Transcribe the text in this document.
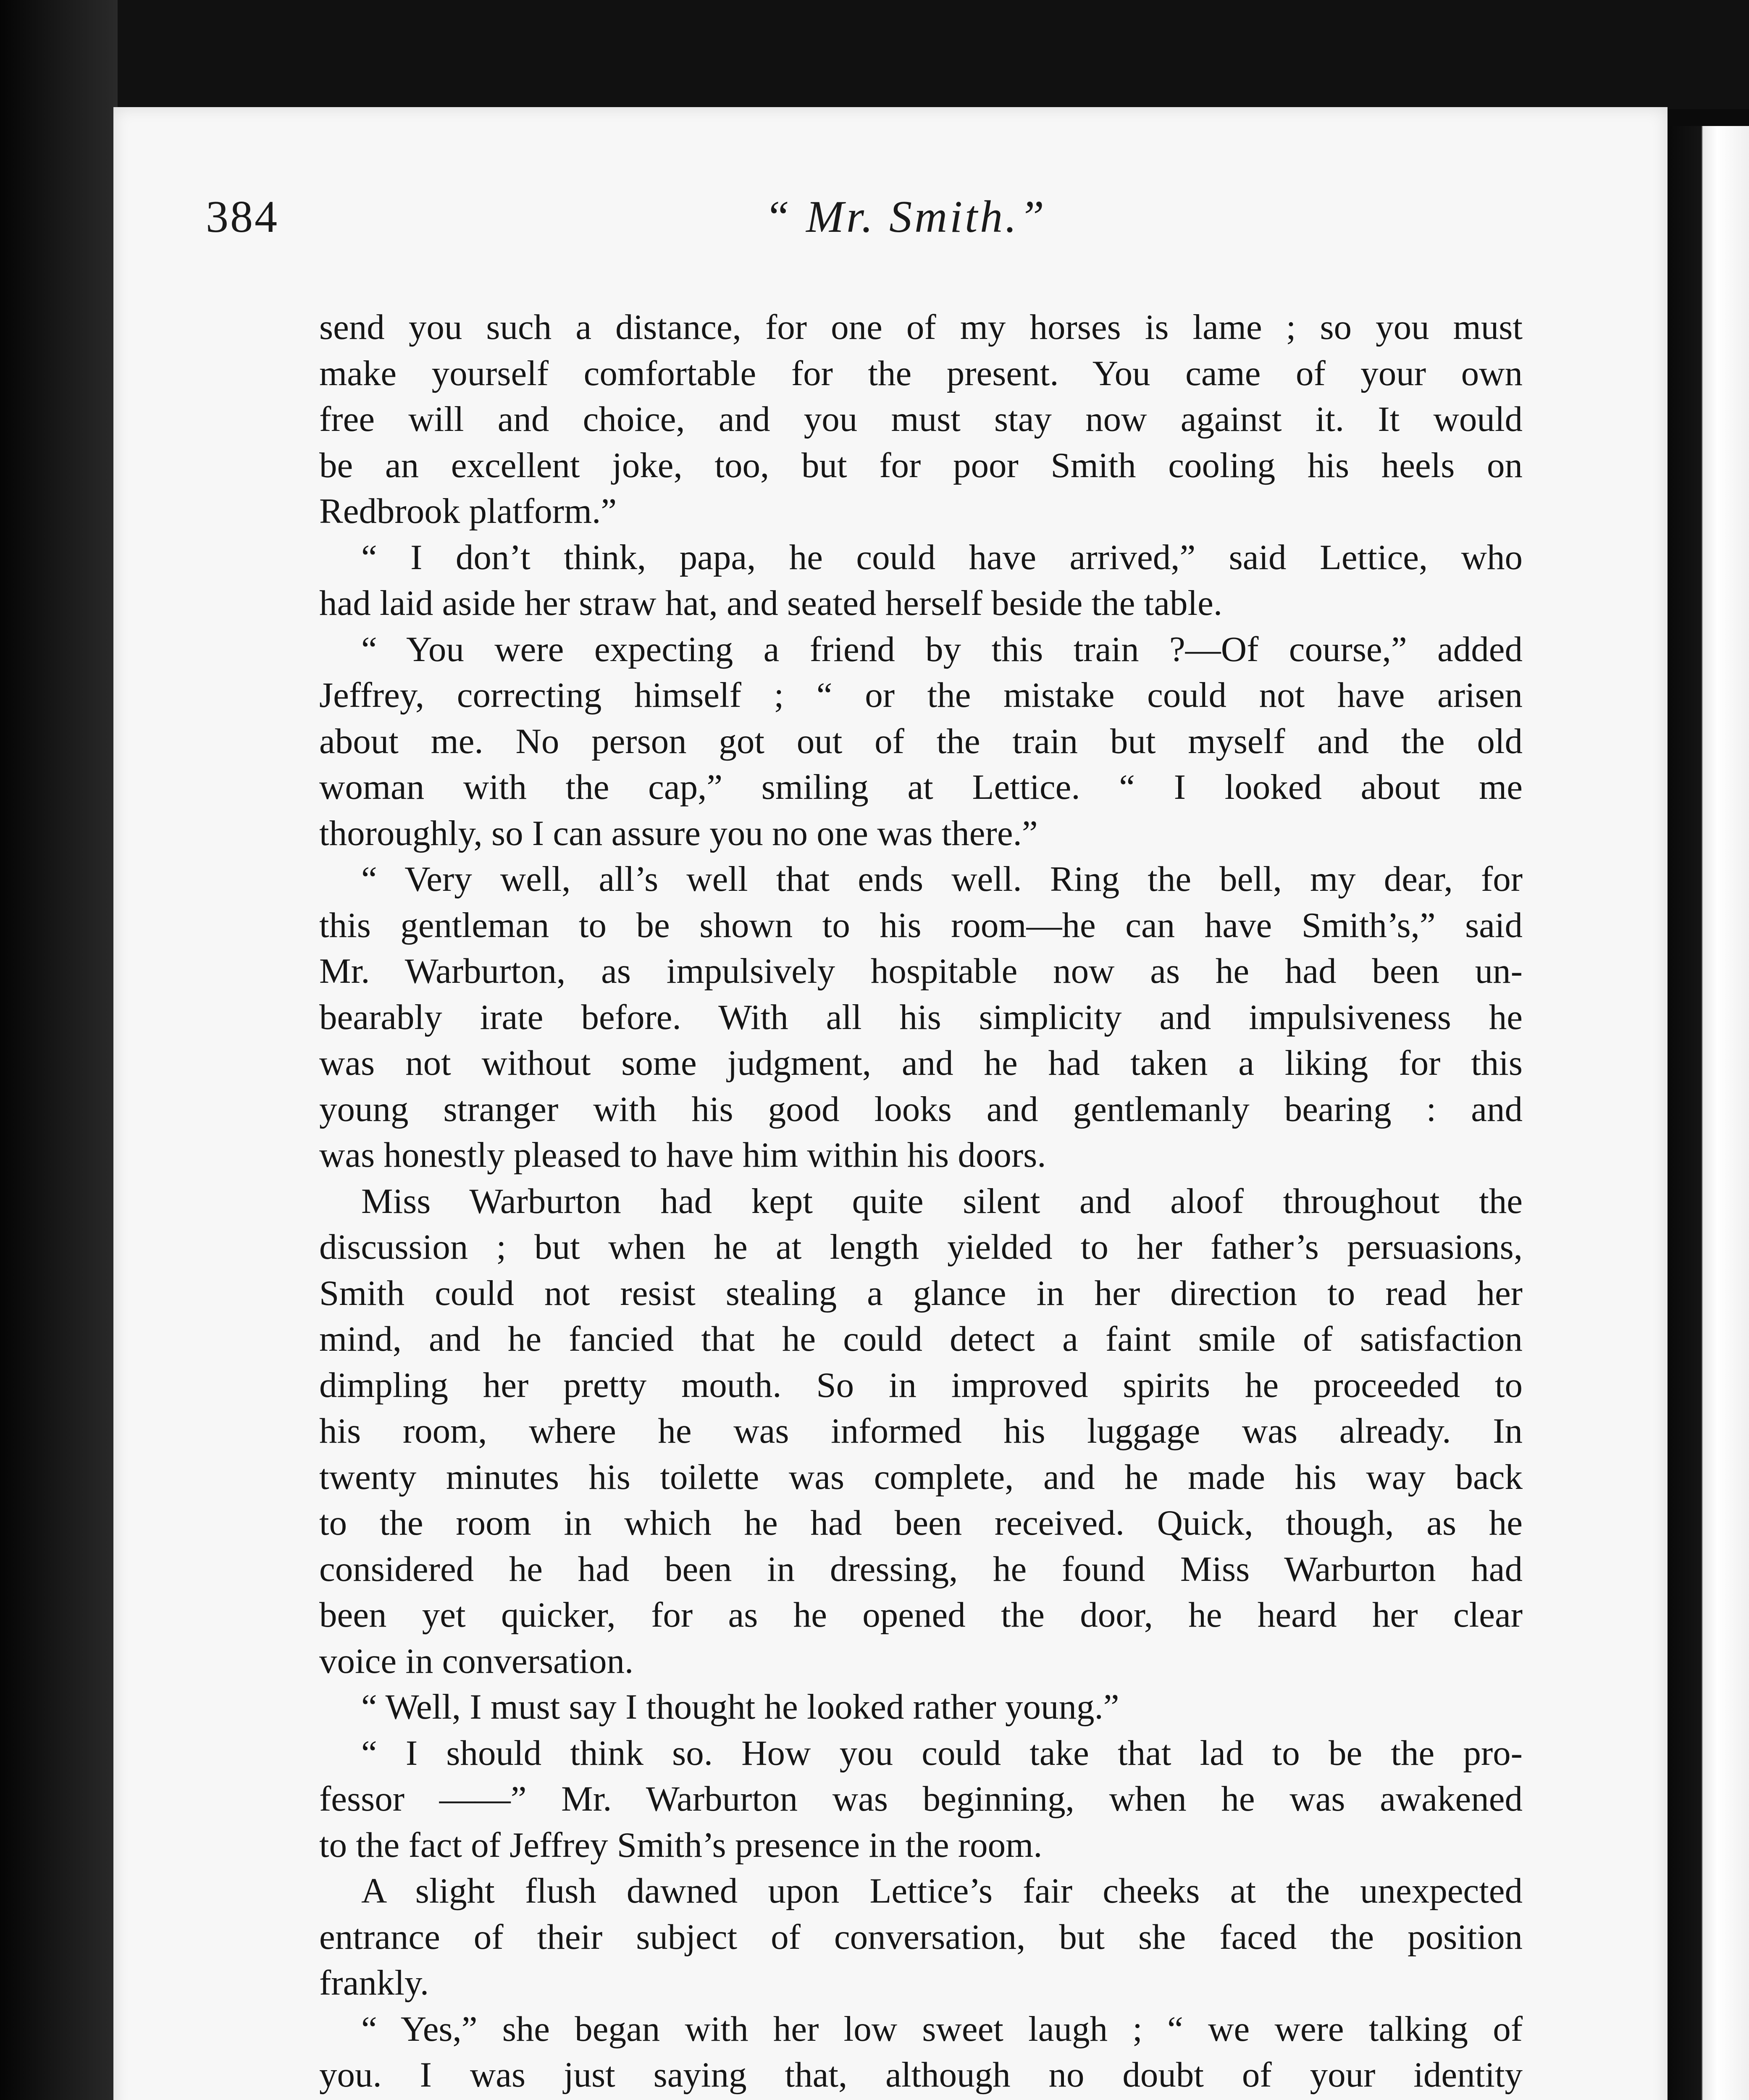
384	“ Mr. Smith.”
send you such a distance, for one of my horses is lame ; so you must
make yourself comfortable for the present. You came of your own
free will and choice, and you must stay now against it. It would
be an excellent joke, too, but for poor Smith cooling his heels on
Redbrook platform.”
“ I don’t think, papa, he could have arrived,” said Lettice, who
had laid aside her straw hat, and seated herself beside the table.
“ You were expecting a friend by this train ?—Of course,” added
Jeffrey, correcting himself ; “ or the mistake could not have arisen
about me. No person got out of the train but myself and the old
woman with the cap,” smiling at Lettice. “ I looked about me
thoroughly, so I can assure you no one was there.”
“ Very well, all’s well that ends well. Ring the bell, my dear, for
this gentleman to be shown to his room—he can have Smith’s,” said
Mr. Warburton, as impulsively hospitable now as he had been un-
bearably irate before. With all his simplicity and impulsiveness he
was not without some judgment, and he had taken a liking for this
young stranger with his good looks and gentlemanly bearing : and
was honestly pleased to have him within his doors.
Miss Warburton had kept quite silent and aloof throughout the
discussion ; but when he at length yielded to her father’s persuasions,
Smith could not resist stealing a glance in her direction to read her
mind, and he fancied that he could detect a faint smile of satisfaction
dimpling her pretty mouth. So in improved spirits he proceeded to
his room, where he was informed his luggage was already. In
twenty minutes his toilette was complete, and he made his way back
to the room in which he had been received. Quick, though, as he
considered he had been in dressing, he found Miss Warburton had
been yet quicker, for as he opened the door, he heard her clear
voice in conversation.
“ Well, I must say I thought he looked rather young.”
“ I should think so. How you could take that lad to be the pro-
fessor ——” Mr. Warburton was beginning, when he was awakened
to the fact of Jeffrey Smith’s presence in the room.
A slight flush dawned upon Lettice’s fair cheeks at the unexpected
entrance of their subject of conversation, but she faced the position
frankly.
“ Yes,” she began with her low sweet laugh ; “ we were talking of
you. I was just saying that, although no doubt of your identity
